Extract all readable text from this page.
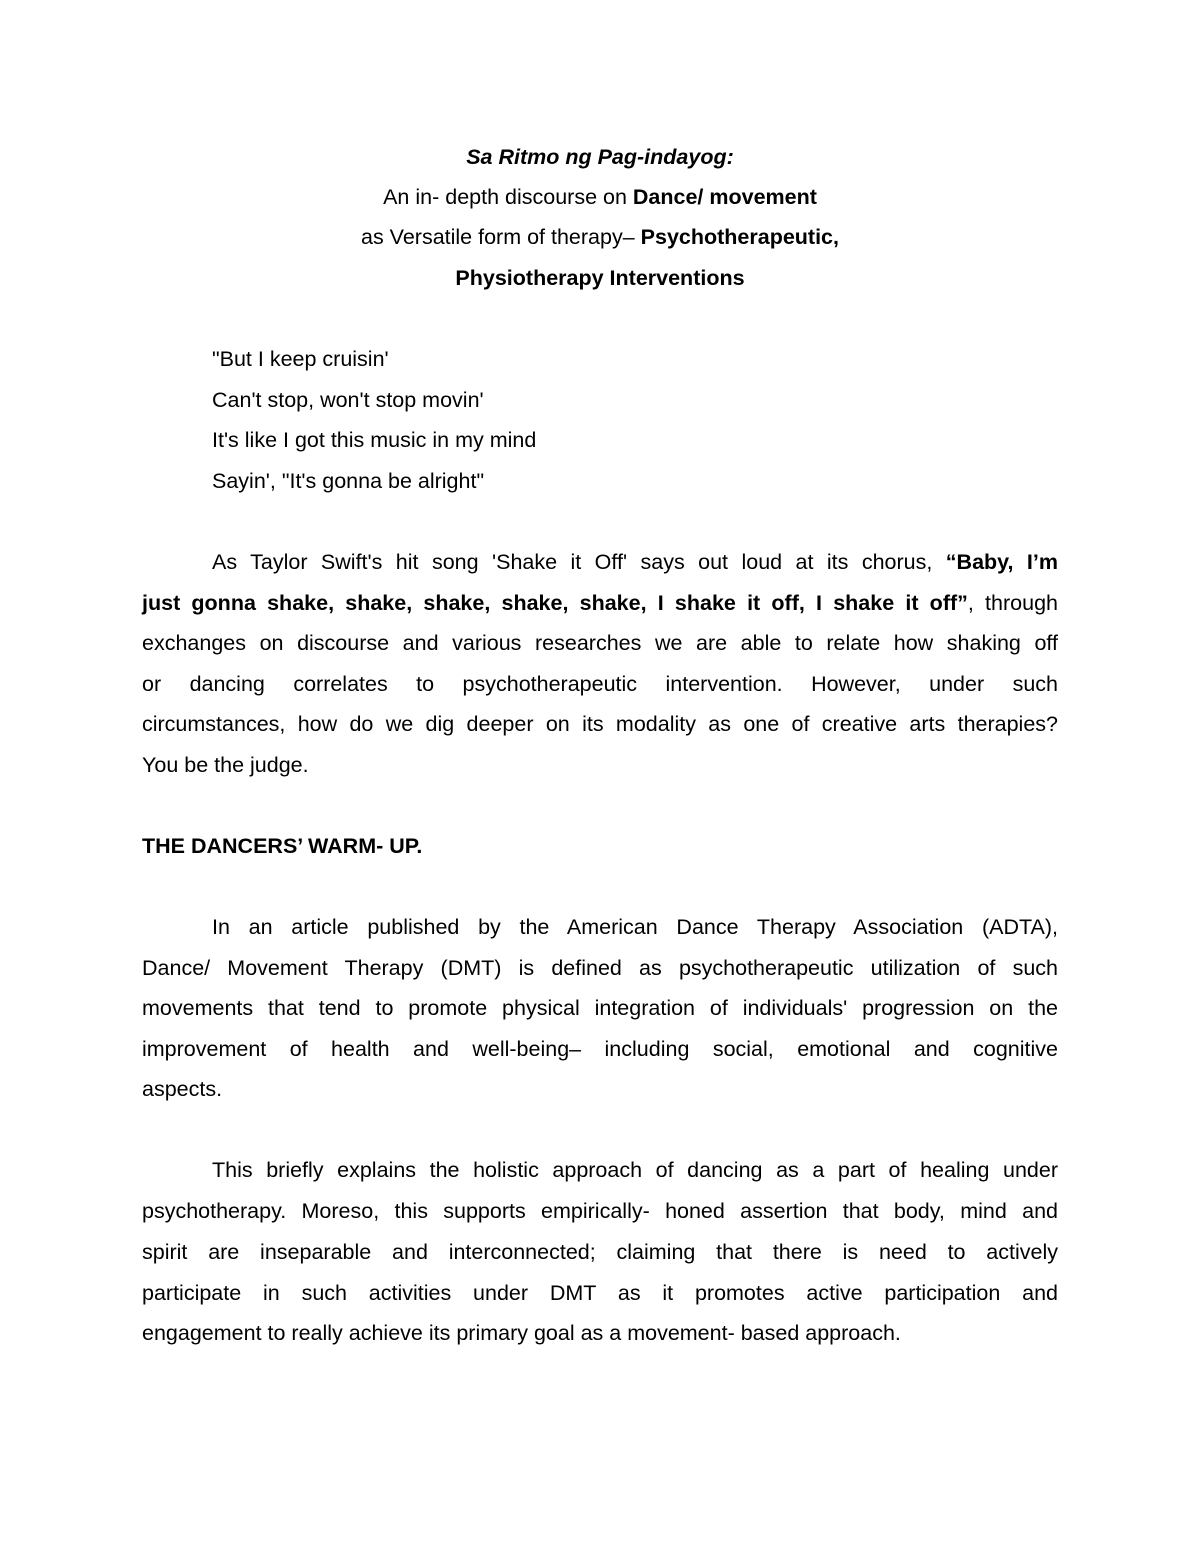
Sa Ritmo ng Pag-indayog:
An in- depth discourse on Dance/ movement
as Versatile form of therapy– Psychotherapeutic,
Physiotherapy Interventions
"But I keep cruisin'
Can't stop, won't stop movin'
It's like I got this music in my mind
Sayin', "It's gonna be alright"
As Taylor Swift's hit song 'Shake it Off' says out loud at its chorus, “Baby, I’m
just gonna shake, shake, shake, shake, shake, I shake it off, I shake it off”, through
exchanges on discourse and various researches we are able to relate how shaking off
or dancing correlates to psychotherapeutic intervention. However, under such
circumstances, how do we dig deeper on its modality as one of creative arts therapies?
You be the judge.
THE DANCERS’ WARM- UP.
In an article published by the American Dance Therapy Association (ADTA),
Dance/ Movement Therapy (DMT) is defined as psychotherapeutic utilization of such
movements that tend to promote physical integration of individuals' progression on the
improvement of health and well-being– including social, emotional and cognitive
aspects.
This briefly explains the holistic approach of dancing as a part of healing under
psychotherapy. Moreso, this supports empirically- honed assertion that body, mind and
spirit are inseparable and interconnected; claiming that there is need to actively
participate in such activities under DMT as it promotes active participation and
engagement to really achieve its primary goal as a movement- based approach.
